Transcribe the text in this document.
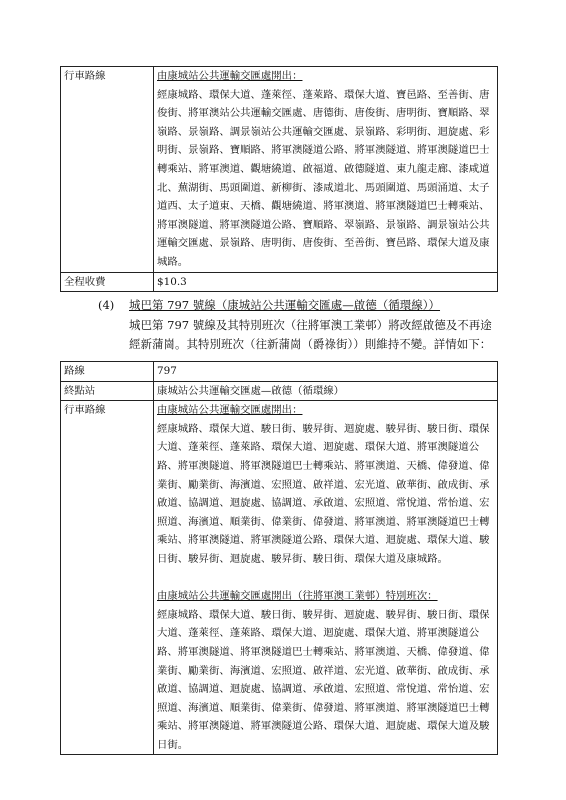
行車路線	由康城站公共運輸交匯處開出：
經康城路、環保大道、蓬萊徑、蓬萊路、環保大道、寶邑路、至善街、唐俊街、將軍澳站公共運輸交匯處、唐德街、唐俊街、唐明街、寶順路、翠嶺路、景嶺路、調景嶺站公共運輸交匯處、景嶺路、彩明街、迴旋處、彩明街、景嶺路、寶順路、將軍澳隧道公路、將軍澳隧道、將軍澳隧道巴士轉乘站、將軍澳道、觀塘繞道、啟福道、啟德隧道、東九龍走廊、漆咸道北、蕪湖街、馬頭圍道、新柳街、漆咸道北、馬頭圍道、馬頭涌道、太子道西、太子道東、天橋、觀塘繞道、將軍澳道、將軍澳隧道巴士轉乘站、將軍澳隧道、將軍澳隧道公路、寶順路、翠嶺路、景嶺路、調景嶺站公共運輸交匯處、景嶺路、唐明街、唐俊街、至善街、寶邑路、環保大道及康城路。

全程收費	$10.3
(4) 城巴第 797 號線（康城站公共運輸交匯處—啟德（循環線））
城巴第 797 號線及其特別班次（往將軍澳工業邨）將改經啟德及不再途經新蒲崗。其特別班次（往新蒲崗（爵祿街））則維持不變。詳情如下：
路線	797
終點站	康城站公共運輸交匯處—啟德（循環線）
行車路線	由康城站公共運輸交匯處開出：
經康城路、環保大道、駿日街、駿昇街、迴旋處、駿昇街、駿日街、環保大道、蓬萊徑、蓬萊路、環保大道、迴旋處、環保大道、將軍澳隧道公路、將軍澳隧道、將軍澳隧道巴士轉乘站、將軍澳道、天橋、偉發道、偉業街、勵業街、海濱道、宏照道、啟祥道、宏光道、啟華街、啟成街、承啟道、協調道、迴旋處、協調道、承啟道、宏照道、常悅道、常怡道、宏照道、海濱道、順業街、偉業街、偉發道、將軍澳道、將軍澳隧道巴士轉乘站、將軍澳隧道、將軍澳隧道公路、環保大道、迴旋處、環保大道、駿日街、駿昇街、迴旋處、駿昇街、駿日街、環保大道及康城路。
由康城站公共運輸交匯處開出（往將軍澳工業邨）特別班次：
經康城路、環保大道、駿日街、駿昇街、迴旋處、駿昇街、駿日街、環保大道、蓬萊徑、蓬萊路、環保大道、迴旋處、環保大道、將軍澳隧道公路、將軍澳隧道、將軍澳隧道巴士轉乘站、將軍澳道、天橋、偉發道、偉業街、勵業街、海濱道、宏照道、啟祥道、宏光道、啟華街、啟成街、承啟道、協調道、迴旋處、協調道、承啟道、宏照道、常悅道、常怡道、宏照道、海濱道、順業街、偉業街、偉發道、將軍澳道、將軍澳隧道巴士轉乘站、將軍澳隧道、將軍澳隧道公路、環保大道、迴旋處、環保大道及駿日街。
